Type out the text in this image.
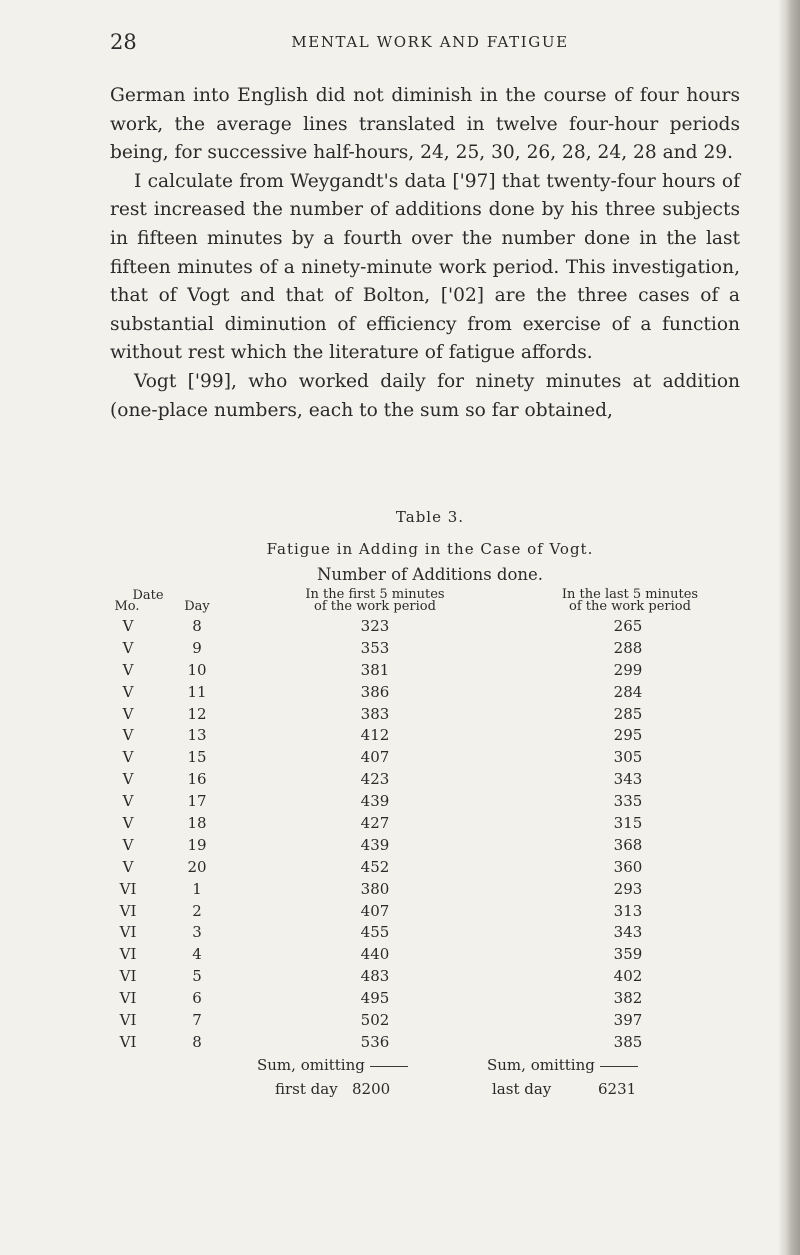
28	MENTAL WORK AND FATIGUE

German into English did not diminish in the course of four hours work, the average lines translated in twelve four-hour periods being, for successive half-hours, 24, 25, 30, 26, 28, 24, 28 and 29.

I calculate from Weygandt's data ['97] that twenty-four hours of rest increased the number of additions done by his three subjects in fifteen minutes by a fourth over the number done in the last fifteen minutes of a ninety-minute work period. This investigation, that of Vogt and that of Bolton, ['02] are the three cases of a substantial diminution of efficiency from exercise of a function without rest which the literature of fatigue affords.

Vogt ['99], who worked daily for ninety minutes at addition (one-place numbers, each to the sum so far obtained,

Table 3.
Fatigue in Adding in the Case of Vogt.
Number of Additions done.
Date
Mo.	Day
In the first 5 minutes
of the work period
In the last 5 minutes
of the work period
V	8	323	265
V	9	353	288
V	10	381	299
V	11	386	284
V	12	383	285
V	13	412	295
V	15	407	305
V	16	423	343
V	17	439	335
V	18	427	315
V	19	439	368
V	20	452	360
VI	1	380	293
VI	2	407	313
VI	3	455	343
VI	4	440	359
VI	5	483	402
VI	6	495	382
VI	7	502	397
VI	8	536	385
Sum, omitting
first day 8200
Sum, omitting
last day	6231
